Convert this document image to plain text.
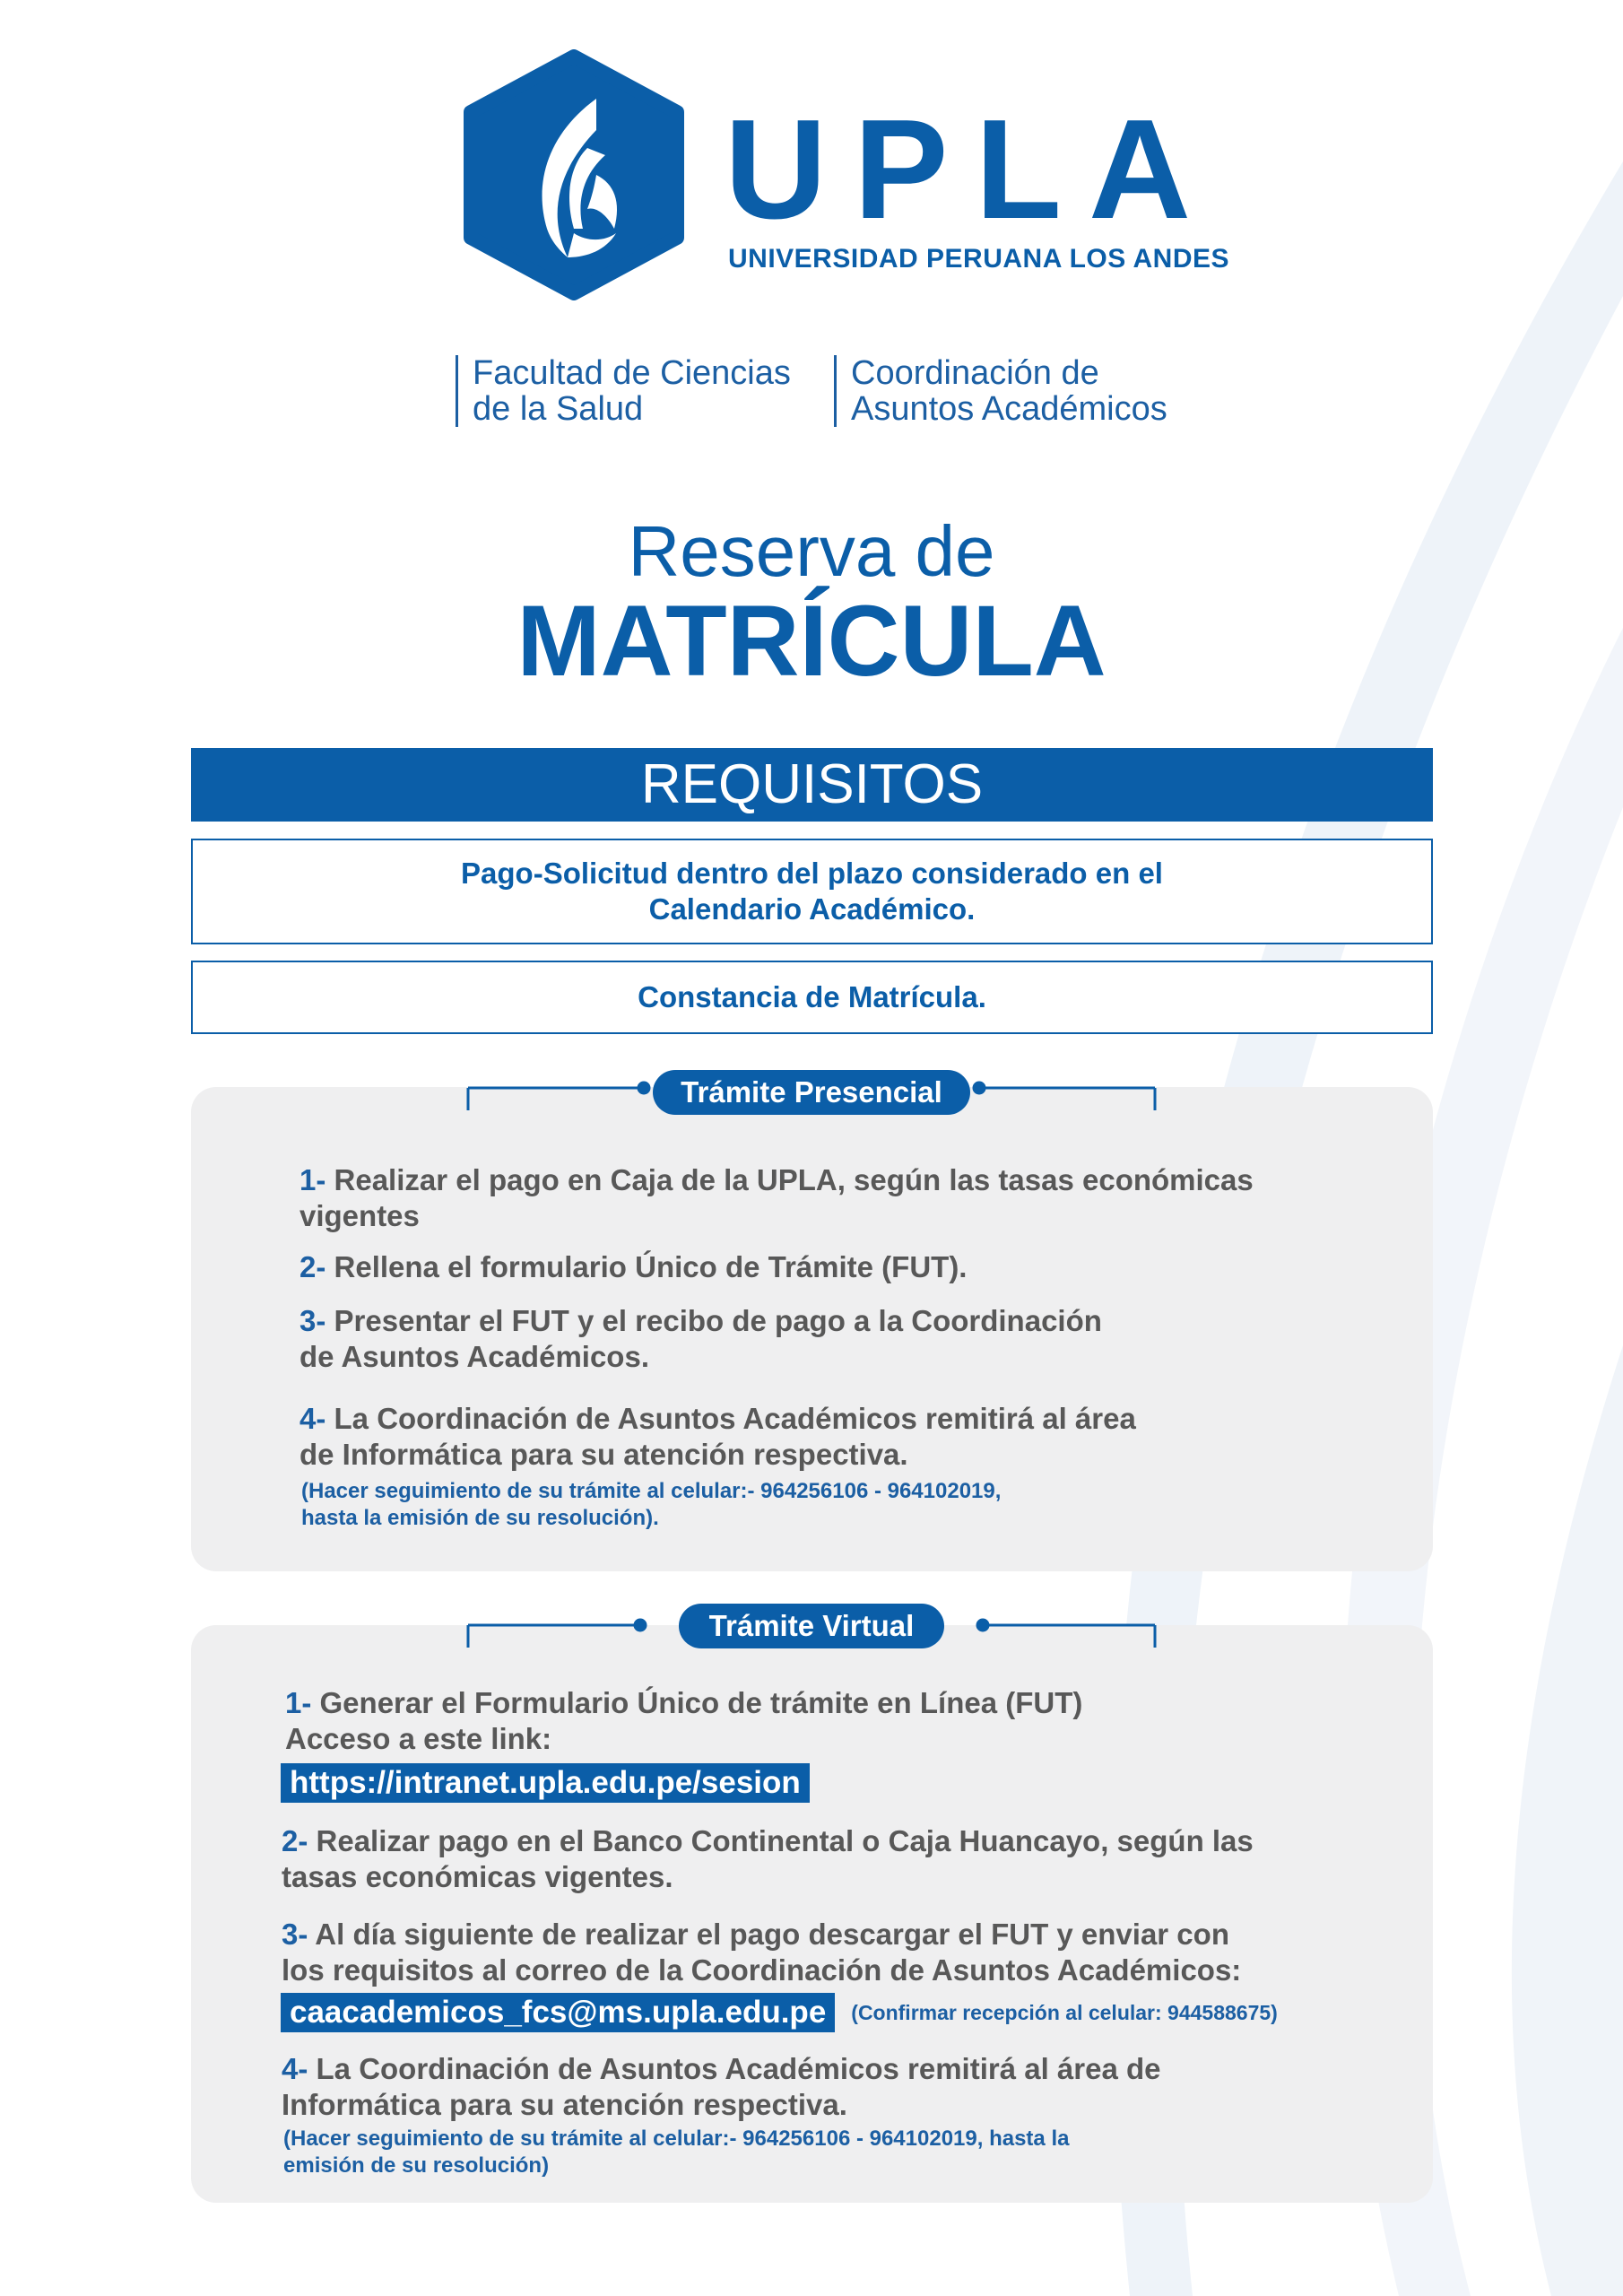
UPLA
UNIVERSIDAD PERUANA LOS ANDES
Facultad de Ciencias
de la Salud
Coordinación de
Asuntos Académicos
Reserva de
MATRÍCULA
REQUISITOS
Pago-Solicitud dentro del plazo considerado en el
Calendario Académico.
Constancia de Matrícula.
Trámite Presencial
1- Realizar el pago en Caja de la UPLA, según las tasas económicas
vigentes
2- Rellena el formulario Único de Trámite (FUT).
3- Presentar el FUT y el recibo de pago a la Coordinación
de Asuntos Académicos.
4- La Coordinación de Asuntos Académicos remitirá al área
de Informática para su atención respectiva.
(Hacer seguimiento de su trámite al celular:- 964256106 - 964102019,
hasta la emisión de su resolución).
Trámite Virtual
1- Generar el Formulario Único de trámite en Línea (FUT)
Acceso a este link:
https://intranet.upla.edu.pe/sesion
2- Realizar pago en el Banco Continental o Caja Huancayo, según las
tasas económicas vigentes.
3- Al día siguiente de realizar el pago descargar el FUT y enviar con
los requisitos al correo de la Coordinación de Asuntos Académicos:
caacademicos_fcs@ms.upla.edu.pe	(Confirmar recepción al celular: 944588675)
4- La Coordinación de Asuntos Académicos remitirá al área de
Informática para su atención respectiva.
(Hacer seguimiento de su trámite al celular:- 964256106 - 964102019, hasta la
emisión de su resolución)
